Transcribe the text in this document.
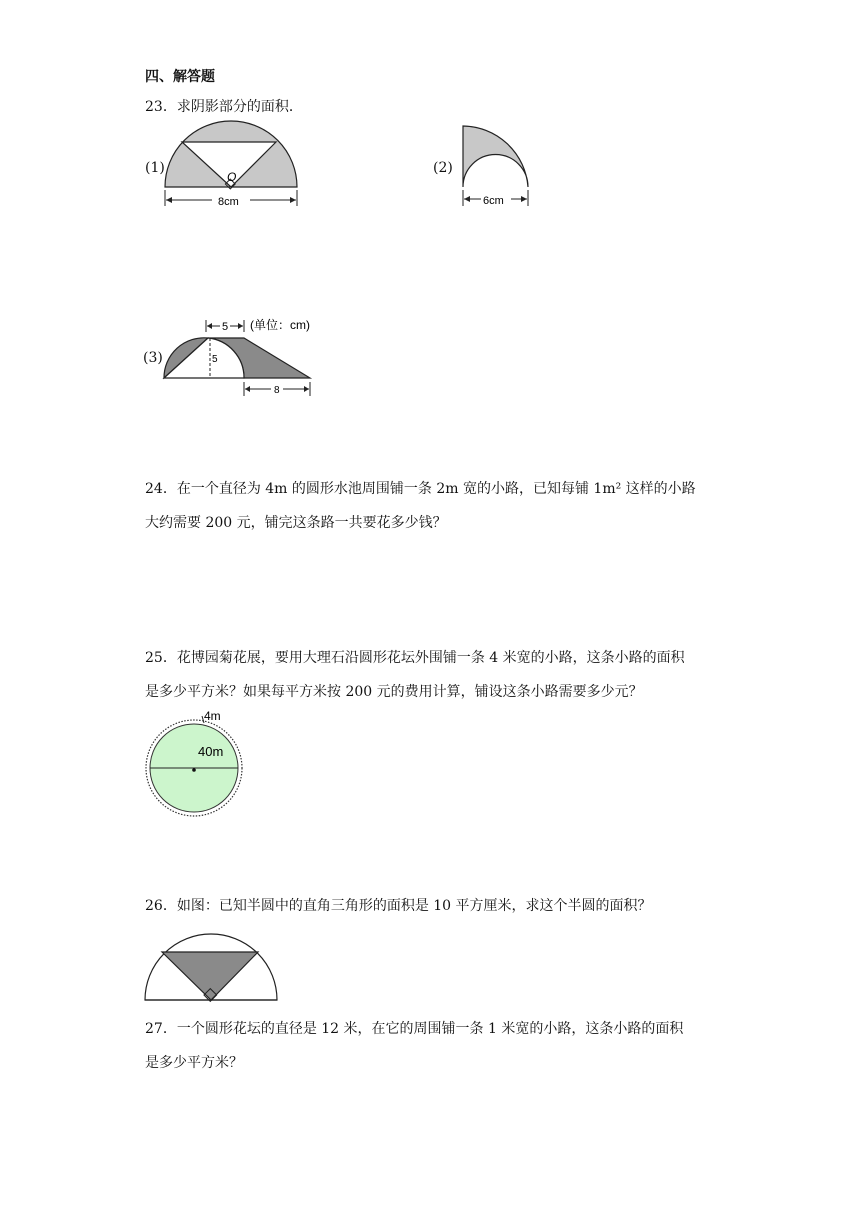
四、解答题
23．求阴影部分的面积．
(1)
O
8cm
(2)
6cm
(3)
5 (单位：cm)
5
8
24．在一个直径为 4m 的圆形水池周围铺一条 2m 宽的小路，已知每铺 1m² 这样的小路
大约需要 200 元，铺完这条路一共要花多少钱？
25．花博园菊花展，要用大理石沿圆形花坛外围铺一条 4 米宽的小路，这条小路的面积
是多少平方米？如果每平方米按 200 元的费用计算，铺设这条小路需要多少元？
4m
40m
26．如图：已知半圆中的直角三角形的面积是 10 平方厘米，求这个半圆的面积？
27．一个圆形花坛的直径是 12 米，在它的周围铺一条 1 米宽的小路，这条小路的面积
是多少平方米？
